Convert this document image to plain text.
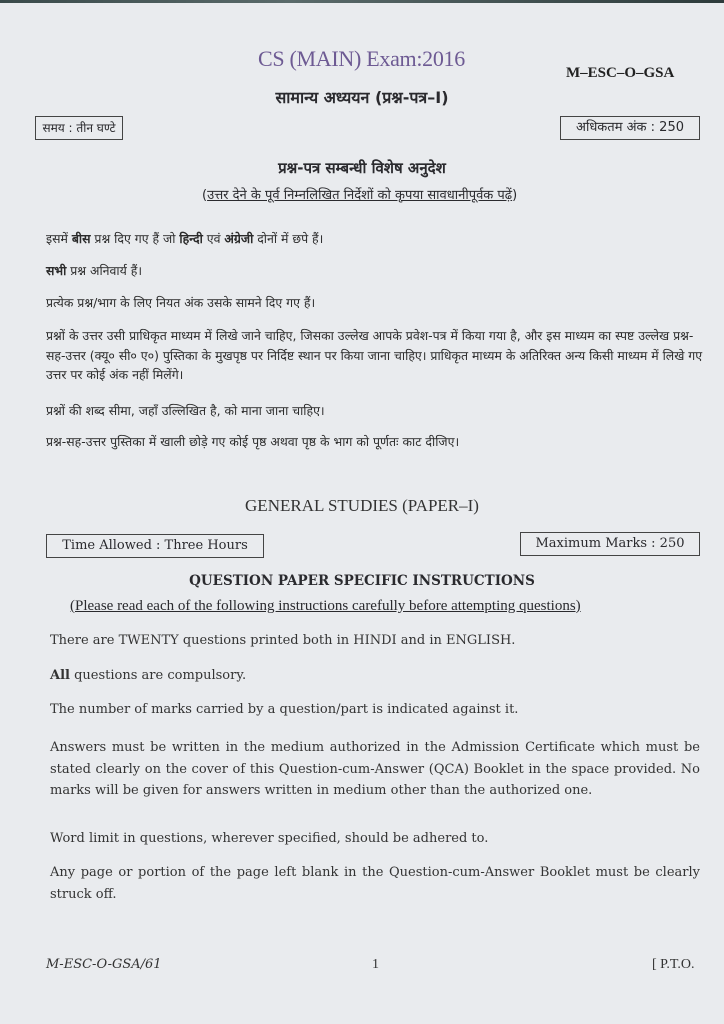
CS (MAIN) Exam:2016
M–ESC–O–GSA
सामान्य अध्ययन (प्रश्न-पत्र–I)
समय : तीन घण्टे	अधिकतम अंक : 250
प्रश्न-पत्र सम्बन्धी विशेष अनुदेश
(उत्तर देने के पूर्व निम्नलिखित निर्देशों को कृपया सावधानीपूर्वक पढ़ें)
इसमें बीस प्रश्न दिए गए हैं जो हिन्दी एवं अंग्रेजी दोनों में छपे हैं।
सभी प्रश्न अनिवार्य हैं।
प्रत्येक प्रश्न/भाग के लिए नियत अंक उसके सामने दिए गए हैं।
प्रश्नों के उत्तर उसी प्राधिकृत माध्यम में लिखे जाने चाहिए, जिसका उल्लेख आपके प्रवेश-पत्र में किया गया है, और इस माध्यम का स्पष्ट उल्लेख प्रश्न-सह-उत्तर (क्यू० सी० ए०) पुस्तिका के मुखपृष्ठ पर निर्दिष्ट स्थान पर किया जाना चाहिए। प्राधिकृत माध्यम के अतिरिक्त अन्य किसी माध्यम में लिखे गए उत्तर पर कोई अंक नहीं मिलेंगे।
प्रश्नों की शब्द सीमा, जहाँ उल्लिखित है, को माना जाना चाहिए।
प्रश्न-सह-उत्तर पुस्तिका में खाली छोड़े गए कोई पृष्ठ अथवा पृष्ठ के भाग को पूर्णतः काट दीजिए।
GENERAL STUDIES (PAPER–I)
Time Allowed : Three Hours	Maximum Marks : 250
QUESTION PAPER SPECIFIC INSTRUCTIONS
(Please read each of the following instructions carefully before attempting questions)
There are TWENTY questions printed both in HINDI and in ENGLISH.
All questions are compulsory.
The number of marks carried by a question/part is indicated against it.
Answers must be written in the medium authorized in the Admission Certificate which must be stated clearly on the cover of this Question-cum-Answer (QCA) Booklet in the space provided. No marks will be given for answers written in medium other than the authorized one.
Word limit in questions, wherever specified, should be adhered to.
Any page or portion of the page left blank in the Question-cum-Answer Booklet must be clearly struck off.
M-ESC-O-GSA/61	1	[ P.T.O.
